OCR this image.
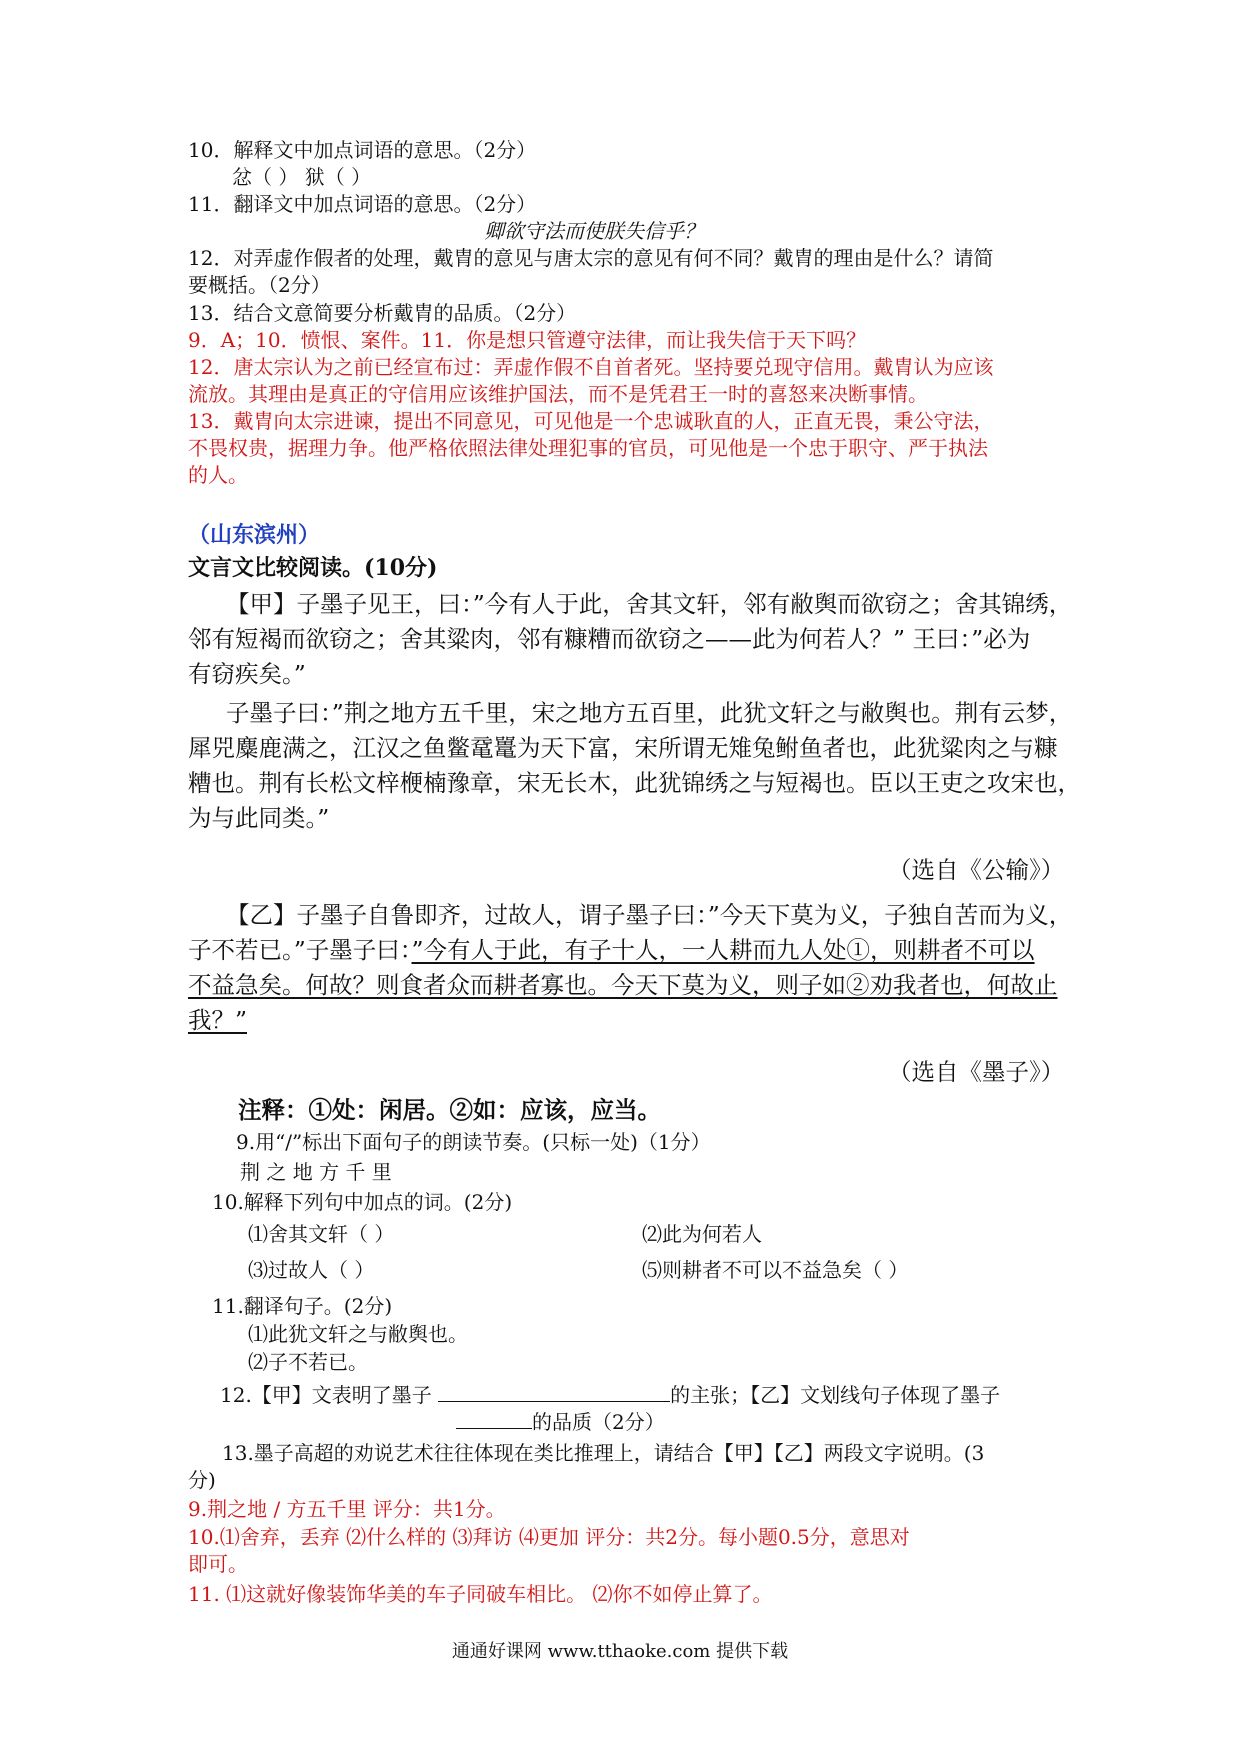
10．解释文中加点词语的意思。（2分）
忿（ ） 狱（ ）
11．翻译文中加点词语的意思。（2分）
卿欲守法而使朕失信乎？
12．对弄虚作假者的处理，戴胄的意见与唐太宗的意见有何不同？戴胄的理由是什么？请简
要概括。（2分）
13．结合文意简要分析戴胄的品质。（2分）
9．A；10．愤恨、案件。11．你是想只管遵守法律，而让我失信于天下吗？
12．唐太宗认为之前已经宣布过：弄虚作假不自首者死。坚持要兑现守信用。戴胄认为应该
流放。其理由是真正的守信用应该维护国法，而不是凭君王一时的喜怒来决断事情。
13．戴胄向太宗进谏，提出不同意见，可见他是一个忠诚耿直的人，正直无畏，秉公守法，
不畏权贵，据理力争。他严格依照法律处理犯事的官员，可见他是一个忠于职守、严于执法
的人。
（山东滨州）
文言文比较阅读。(10分)
【甲】子墨子见王，曰：”今有人于此，舍其文轩，邻有敝舆而欲窃之；舍其锦绣，
邻有短褐而欲窃之；舍其粱肉，邻有糠糟而欲窃之——此为何若人？” 王曰：”必为
有窃疾矣。”
子墨子曰：”荆之地方五千里，宋之地方五百里，此犹文轩之与敝舆也。荆有云梦，
犀兕麋鹿满之，江汉之鱼鳖鼋鼍为天下富，宋所谓无雉兔鲋鱼者也，此犹粱肉之与糠
糟也。荆有长松文梓楩楠豫章，宋无长木，此犹锦绣之与短褐也。臣以王吏之攻宋也，
为与此同类。”
（选自《公输》）
【乙】子墨子自鲁即齐，过故人，谓子墨子曰：”今天下莫为义，子独自苦而为义，
子不若已。”子墨子曰：”今有人于此，有子十人，一人耕而九人处①，则耕者不可以
不益急矣。何故？则食者众而耕者寡也。今天下莫为义，则子如②劝我者也，何故止
我？”
（选自《墨子》）
注释：①处：闲居。②如：应该，应当。
9.用“/”标出下面句子的朗读节奏。(只标一处)（1分）
荆 之 地 方 千 里
10.解释下列句中加点的词。(2分)
⑴舍其文轩（ ）	⑵此为何若人
⑶过故人（ ）	⑸则耕者不可以不益急矣（ ）
11.翻译句子。(2分)
⑴此犹文轩之与敝舆也。
⑵子不若已。
12.【甲】文表明了墨子	的主张；【乙】文划线句子体现了墨子
的品质（2分）
13.墨子高超的劝说艺术往往体现在类比推理上，请结合【甲】【乙】两段文字说明。(3
分)
9.荆之地 / 方五千里 评分：共1分。
10.⑴舍弃，丢弃 ⑵什么样的 ⑶拜访 ⑷更加 评分：共2分。每小题0.5分，意思对
即可。
11. ⑴这就好像装饰华美的车子同破车相比。 ⑵你不如停止算了。
通通好课网 www.tthaoke.com 提供下载
